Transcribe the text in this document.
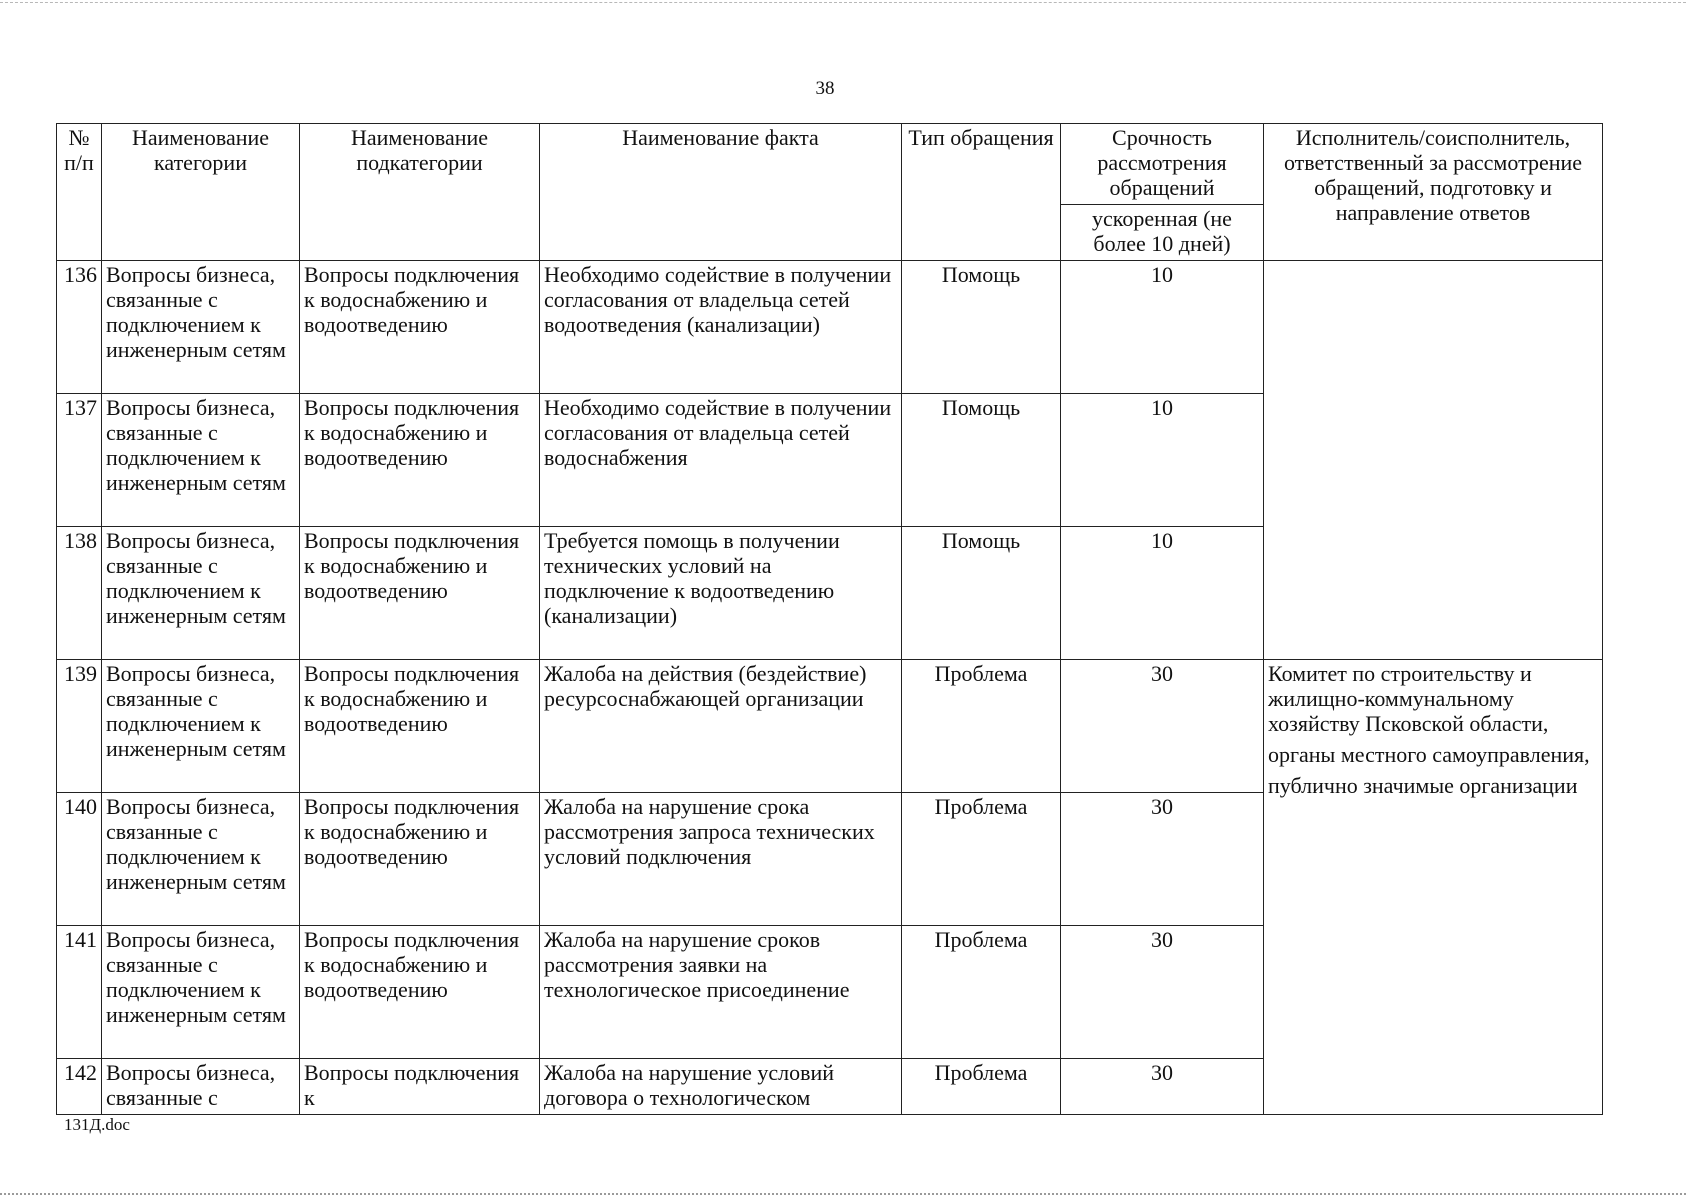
38
№ п/п	Наименование категории	Наименование подкатегории	Наименование факта	Тип обращения	Срочность рассмотрения обращений	Исполнитель/соисполнитель, ответственный за рассмотрение обращений, подготовку и направление ответов
					ускоренная (не более 10 дней)	
136	Вопросы бизнеса, связанные с подключением к инженерным сетям	Вопросы подключения к водоснабжению и водоотведению	Необходимо содействие в получении согласования от владельца сетей водоотведения (канализации)	Помощь	10	
137	Вопросы бизнеса, связанные с подключением к инженерным сетям	Вопросы подключения к водоснабжению и водоотведению	Необходимо содействие в получении согласования от владельца сетей водоснабжения	Помощь	10	
138	Вопросы бизнеса, связанные с подключением к инженерным сетям	Вопросы подключения к водоснабжению и водоотведению	Требуется помощь в получении технических условий на подключение к водоотведению (канализации)	Помощь	10	
139	Вопросы бизнеса, связанные с подключением к инженерным сетям	Вопросы подключения к водоснабжению и водоотведению	Жалоба на действия (бездействие) ресурсоснабжающей организации	Проблема	30	Комитет по строительству и жилищно-коммунальному хозяйству Псковской области,
органы местного самоуправления,
публично значимые организации

140	Вопросы бизнеса, связанные с подключением к инженерным сетям	Вопросы подключения к водоснабжению и водоотведению	Жалоба на нарушение срока рассмотрения запроса технических условий подключения	Проблема	30	
141	Вопросы бизнеса, связанные с подключением к инженерным сетям	Вопросы подключения к водоснабжению и водоотведению	Жалоба на нарушение сроков рассмотрения заявки на технологическое присоединение	Проблема	30	
142	Вопросы бизнеса, связанные с	Вопросы подключения к	Жалоба на нарушение условий договора о технологическом	Проблема	30	
131Д.doc
